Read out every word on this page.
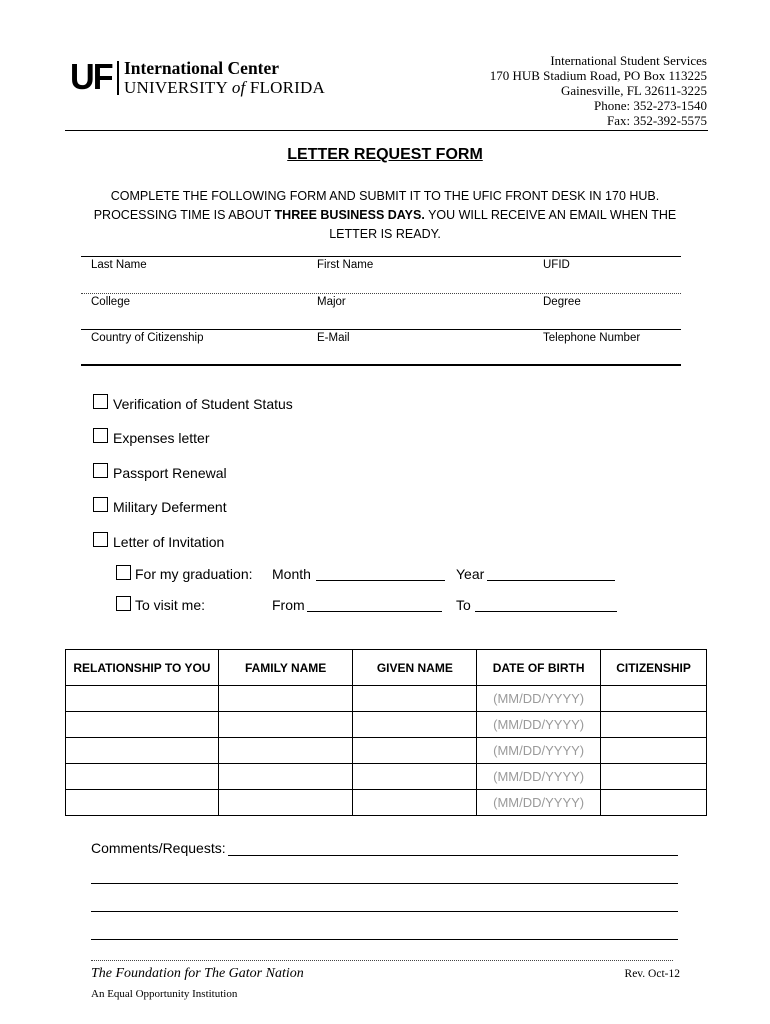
UF International Center
UNIVERSITY of FLORIDA
International Student Services
170 HUB Stadium Road, PO Box 113225
Gainesville, FL 32611-3225
Phone: 352-273-1540
Fax: 352-392-5575
LETTER REQUEST FORM
COMPLETE THE FOLLOWING FORM AND SUBMIT IT TO THE UFIC FRONT DESK IN 170 HUB. PROCESSING TIME IS ABOUT THREE BUSINESS DAYS. YOU WILL RECEIVE AN EMAIL WHEN THE LETTER IS READY.
Last Name	First Name	UFID
College	Major	Degree
Country of Citizenship	E-Mail	Telephone Number
Verification of Student Status
Expenses letter
Passport Renewal
Military Deferment
Letter of Invitation
For my graduation: Month	Year
To visit me:	From	To
RELATIONSHIP TO YOU	FAMILY NAME	GIVEN NAME	DATE OF BIRTH	CITIZENSHIP
			(MM/DD/YYYY)	
			(MM/DD/YYYY)	
			(MM/DD/YYYY)	
			(MM/DD/YYYY)	
			(MM/DD/YYYY)	
Comments/Requests:
The Foundation for The Gator Nation
An Equal Opportunity Institution
Rev. Oct-12
